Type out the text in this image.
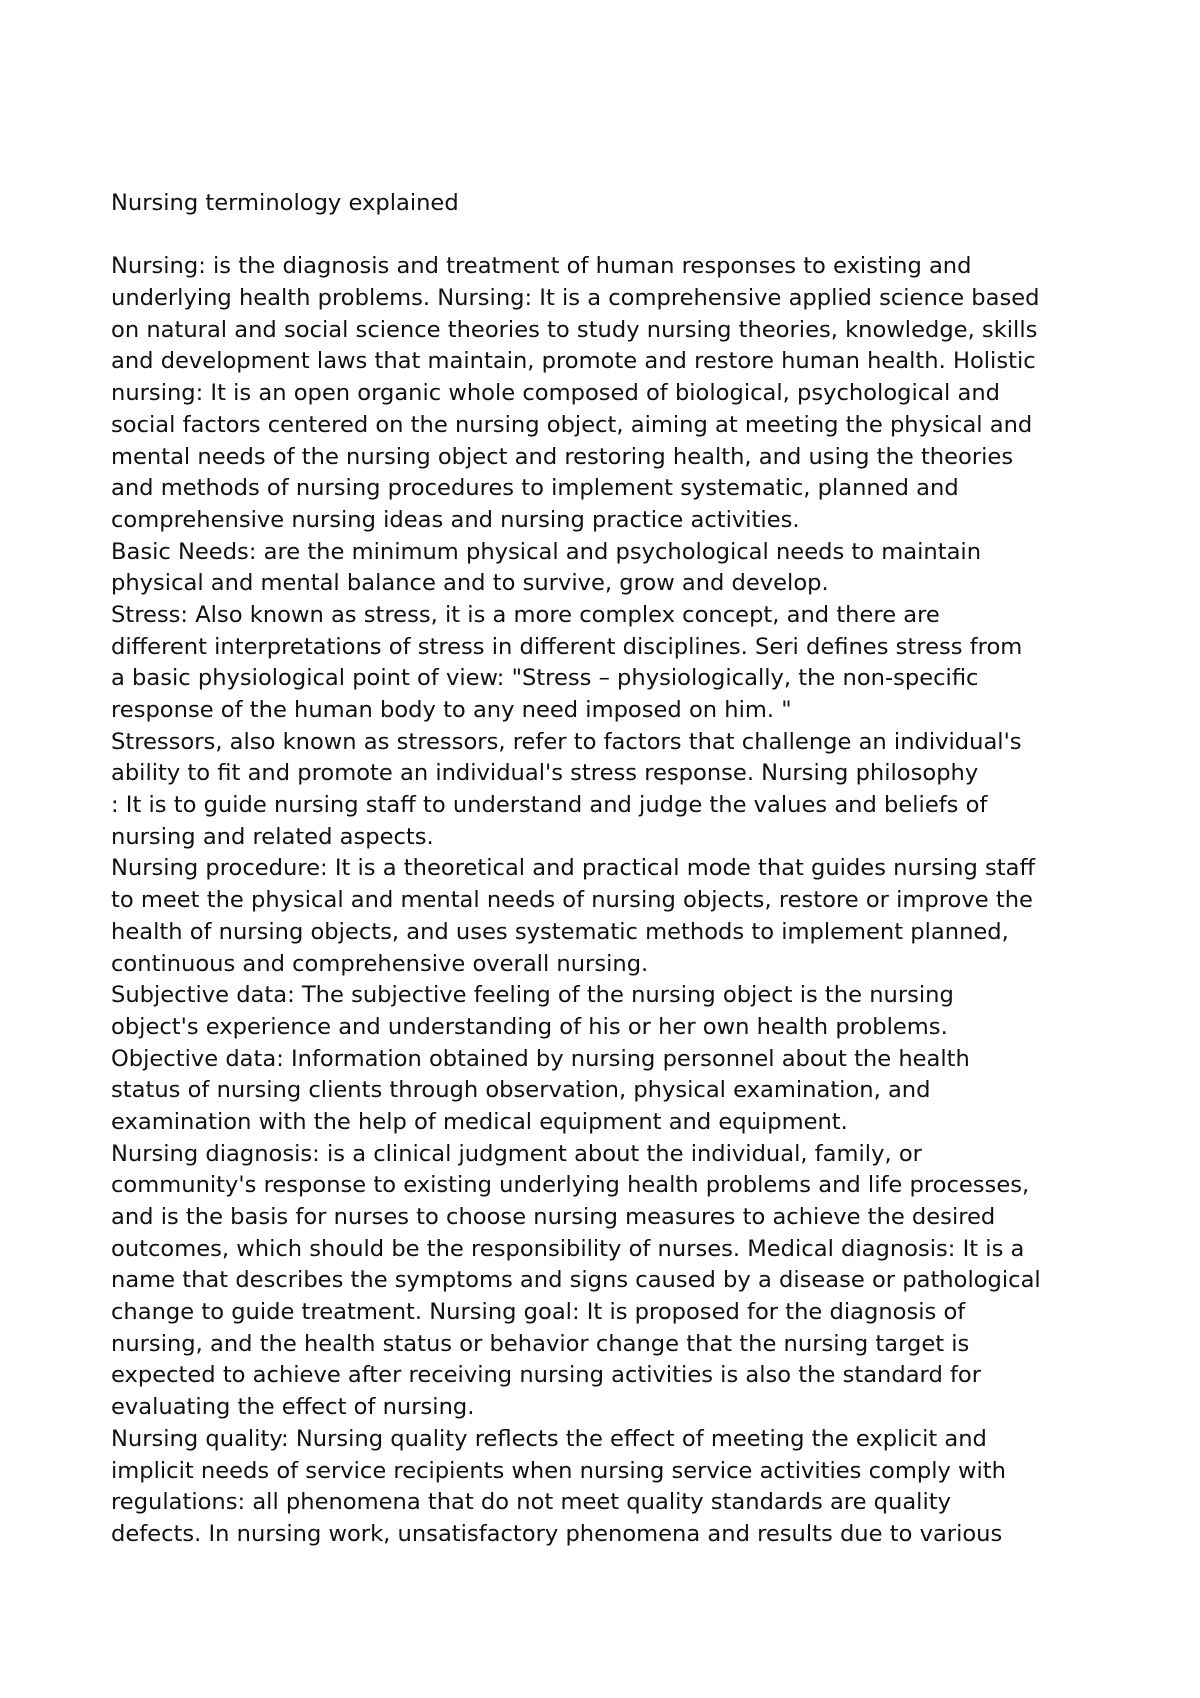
Nursing terminology explained
Nursing: is the diagnosis and treatment of human responses to existing and
underlying health problems. Nursing: It is a comprehensive applied science based
on natural and social science theories to study nursing theories, knowledge, skills
and development laws that maintain, promote and restore human health. Holistic
nursing: It is an open organic whole composed of biological, psychological and
social factors centered on the nursing object, aiming at meeting the physical and
mental needs of the nursing object and restoring health, and using the theories
and methods of nursing procedures to implement systematic, planned and
comprehensive nursing ideas and nursing practice activities.
Basic Needs: are the minimum physical and psychological needs to maintain
physical and mental balance and to survive, grow and develop.
Stress: Also known as stress, it is a more complex concept, and there are
different interpretations of stress in different disciplines. Seri defines stress from
a basic physiological point of view: "Stress – physiologically, the non-specific
response of the human body to any need imposed on him. "
Stressors, also known as stressors, refer to factors that challenge an individual's
ability to fit and promote an individual's stress response. Nursing philosophy
: It is to guide nursing staff to understand and judge the values and beliefs of
nursing and related aspects.
Nursing procedure: It is a theoretical and practical mode that guides nursing staff
to meet the physical and mental needs of nursing objects, restore or improve the
health of nursing objects, and uses systematic methods to implement planned,
continuous and comprehensive overall nursing.
Subjective data: The subjective feeling of the nursing object is the nursing
object's experience and understanding of his or her own health problems.
Objective data: Information obtained by nursing personnel about the health
status of nursing clients through observation, physical examination, and
examination with the help of medical equipment and equipment.
Nursing diagnosis: is a clinical judgment about the individual, family, or
community's response to existing underlying health problems and life processes,
and is the basis for nurses to choose nursing measures to achieve the desired
outcomes, which should be the responsibility of nurses. Medical diagnosis: It is a
name that describes the symptoms and signs caused by a disease or pathological
change to guide treatment. Nursing goal: It is proposed for the diagnosis of
nursing, and the health status or behavior change that the nursing target is
expected to achieve after receiving nursing activities is also the standard for
evaluating the effect of nursing.
Nursing quality: Nursing quality reflects the effect of meeting the explicit and
implicit needs of service recipients when nursing service activities comply with
regulations: all phenomena that do not meet quality standards are quality
defects. In nursing work, unsatisfactory phenomena and results due to various
